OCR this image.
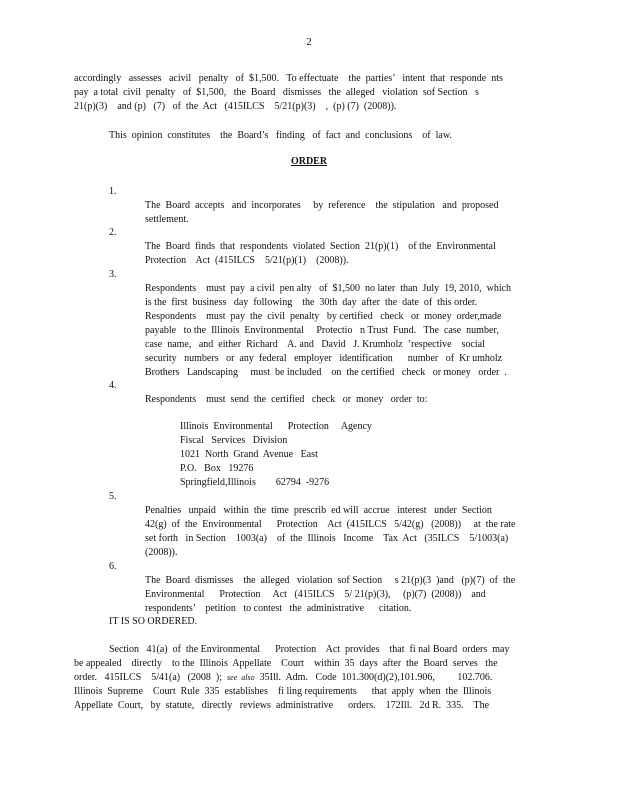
2
accordingly   assesses   acivil   penalty   of  $1,500.   To effectuate    the  parties’   intent  that  responde  nts
pay  a total  civil  penalty   of  $1,500,   the  Board   dismisses   the  alleged   violation  sof Section   s
21(p)(3)    and (p)   (7)   of  the  Act   (415ILCS    5/21(p)(3)    ,  (p) (7)  (2008)).
This  opinion  constitutes    the  Board’s   finding   of  fact  and  conclusions    of  law.
ORDER
1.

The  Board  accepts   and  incorporates     by  reference    the  stipulation   and  proposed
settlement.
2.

The  Board  finds  that  respondents  violated  Section  21(p)(1)    of the  Environmental
Protection    Act  (415ILCS    5/21(p)(1)    (2008)).
3.

Respondents    must  pay  a civil  pen alty   of  $1,500  no later  than  July  19, 2010,  which
is the  first  business   day  following    the  30th  day  after  the  date  of  this order.
Respondents    must  pay  the  civil  penalty   by certified   check   or  money  order,made
payable   to the  Illinois  Environmental     Protectio   n Trust  Fund.   The  case  number,
case  name,   and  either  Richard    A. and   David   J. Krumholz  ’respective    social
security   numbers   or  any  federal   employer   identification      number   of  Kr umholz
Brothers   Landscaping     must  be included    on  the certified   check   or money   order  .
4.

Respondents    must  send  the  certified   check   or  money   order  to:

Illinois  Environmental      Protection     Agency
Fiscal   Services   Division
1021  North  Grand  Avenue   East
P.O.   Box   19276
Springfield,Illinois        62794  -9276
5.

Penalties   unpaid   within  the  time  prescrib  ed will  accrue   interest   under  Section
42(g)  of  the  Environmental      Protection    Act  (415ILCS   5/42(g)   (2008))     at  the rate
set forth   in Section    1003(a)    of  the  Illinois   Income    Tax  Act   (35ILCS    5/1003(a)
(2008)).
6.

The  Board  dismisses    the  alleged   violation  sof Section     s 21(p)(3  )and   (p)(7)  of  the
Environmental      Protection     Act   (415ILCS    5/ 21(p)(3),     (p)(7)  (2008))    and
respondents’    petition   to contest   the  administrative      citation.
IT IS SO ORDERED.
Section   41(a)  of  the Environmental      Protection    Act  provides    that  fi nal Board  orders  may
be appealed    directly    to the  Illinois  Appellate    Court    within  35  days  after  the  Board  serves   the
order.   415ILCS    5/41(a)   (2008  );  see  also  35Ill.  Adm.   Code  101.300(d)(2),101.906,         102.706.
Illinois  Supreme    Court  Rule  335  establishes    fi ling requirements      that  apply  when  the  Illinois
Appellate  Court,   by  statute,   directly   reviews  administrative      orders.    172Ill.   2d R.  335.    The
